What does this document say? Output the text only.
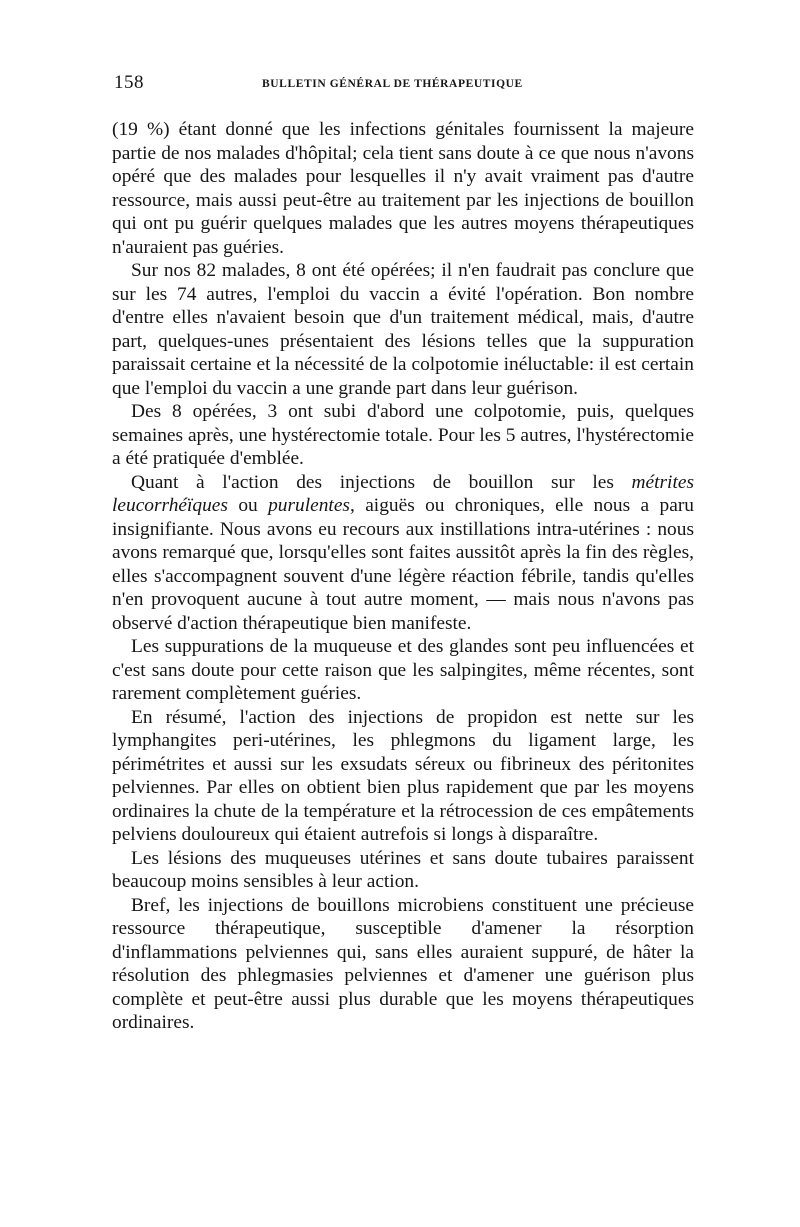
158	BULLETIN GÉNÉRAL DE THÉRAPEUTIQUE

(19 %) étant donné que les infections génitales fournissent la majeure partie de nos malades d'hôpital; cela tient sans doute à ce que nous n'avons opéré que des malades pour lesquelles il n'y avait vraiment pas d'autre ressource, mais aussi peut-être au traitement par les injections de bouillon qui ont pu guérir quelques malades que les autres moyens thérapeutiques n'auraient pas guéries.

Sur nos 82 malades, 8 ont été opérées; il n'en faudrait pas conclure que sur les 74 autres, l'emploi du vaccin a évité l'opération. Bon nombre d'entre elles n'avaient besoin que d'un traitement médical, mais, d'autre part, quelques-unes présentaient des lésions telles que la suppuration paraissait certaine et la nécessité de la colpotomie inéluctable: il est certain que l'emploi du vaccin a une grande part dans leur guérison.

Des 8 opérées, 3 ont subi d'abord une colpotomie, puis, quelques semaines après, une hystérectomie totale. Pour les 5 autres, l'hystérectomie a été pratiquée d'emblée.

Quant à l'action des injections de bouillon sur les métrites leucorrhéïques ou purulentes, aiguës ou chroniques, elle nous a paru insignifiante. Nous avons eu recours aux instillations intra-utérines : nous avons remarqué que, lorsqu'elles sont faites aussitôt après la fin des règles, elles s'accompagnent souvent d'une légère réaction fébrile, tandis qu'elles n'en provoquent aucune à tout autre moment, — mais nous n'avons pas observé d'action thérapeutique bien manifeste.

Les suppurations de la muqueuse et des glandes sont peu influencées et c'est sans doute pour cette raison que les salpingites, même récentes, sont rarement complètement guéries.

En résumé, l'action des injections de propidon est nette sur les lymphangites peri-utérines, les phlegmons du ligament large, les périmétrites et aussi sur les exsudats séreux ou fibrineux des péritonites pelviennes. Par elles on obtient bien plus rapidement que par les moyens ordinaires la chute de la température et la rétrocession de ces empâtements pelviens douloureux qui étaient autrefois si longs à disparaître.

Les lésions des muqueuses utérines et sans doute tubaires paraissent beaucoup moins sensibles à leur action.

Bref, les injections de bouillons microbiens constituent une précieuse ressource thérapeutique, susceptible d'amener la résorption d'inflammations pelviennes qui, sans elles auraient suppuré, de hâter la résolution des phlegmasies pelviennes et d'amener une guérison plus complète et peut-être aussi plus durable que les moyens thérapeutiques ordinaires.
